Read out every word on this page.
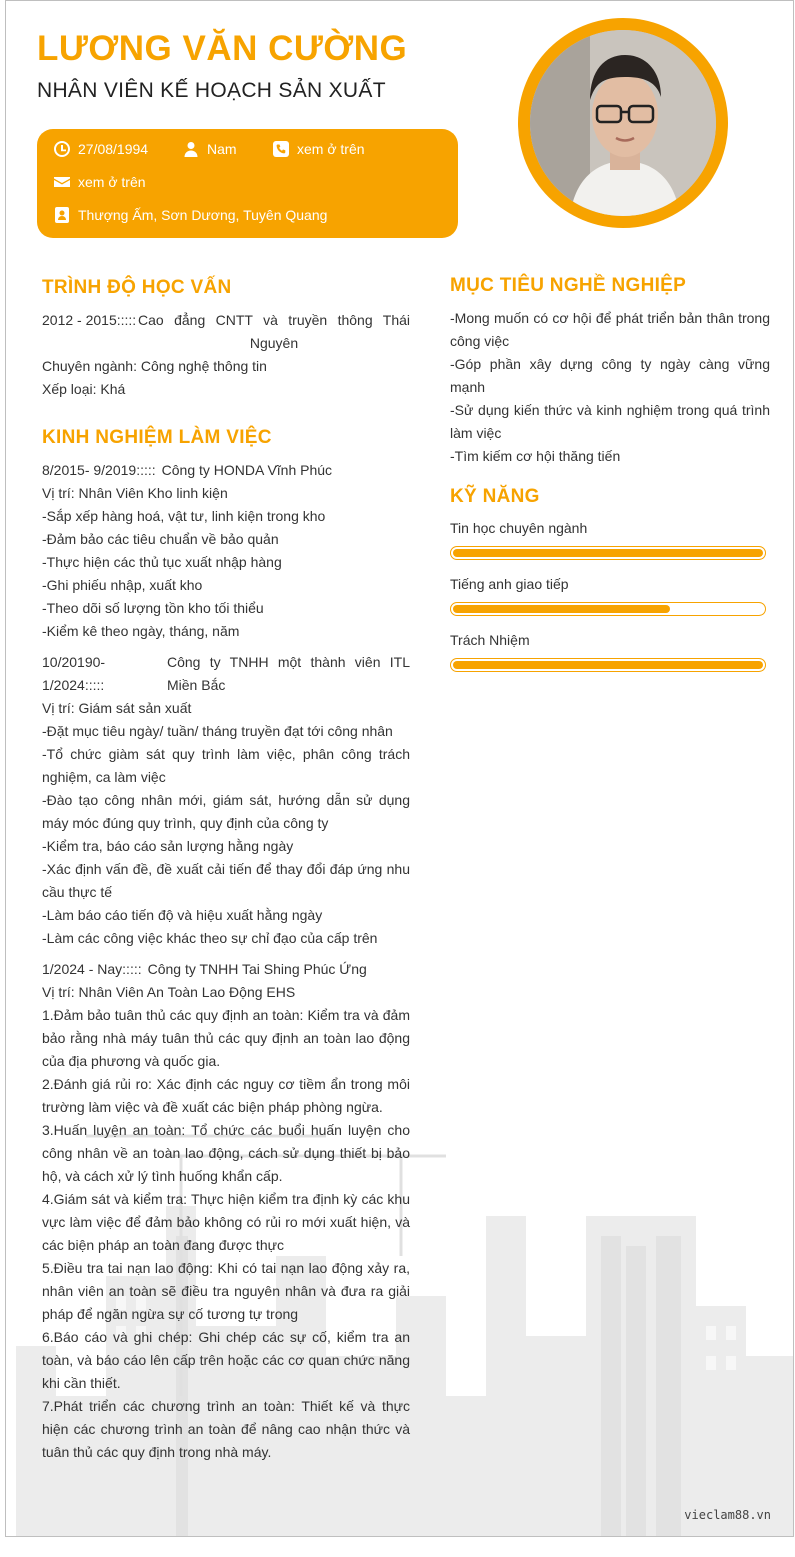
LƯƠNG VĂN CƯỜNG
NHÂN VIÊN KẾ HOẠCH SẢN XUẤT
27/08/1994	Nam	xem ở trên
xem ở trên
Thượng Ấm, Sơn Dương, Tuyên Quang
TRÌNH ĐỘ HỌC VẤN
2012 - 2015::::: Cao đẳng CNTT và truyền thông Thái Nguyên
Chuyên ngành: Công nghệ thông tin
Xếp loại: Khá
KINH NGHIỆM LÀM VIỆC
8/2015- 9/2019::::: Công ty HONDA Vĩnh Phúc
Vị trí: Nhân Viên Kho linh kiện
-Sắp xếp hàng hoá, vật tư, linh kiện trong kho
-Đảm bảo các tiêu chuẩn về bảo quản
-Thực hiện các thủ tục xuất nhập hàng
-Ghi phiếu nhập, xuất kho
-Theo dõi số lượng tồn kho tối thiểu
-Kiểm kê theo ngày, tháng, năm
10/20190-1/2024:::::
Công ty TNHH một thành viên ITL Miền Bắc
Vị trí: Giám sát sản xuất
-Đặt mục tiêu ngày/ tuần/ tháng truyền đạt tới công nhân
-Tổ chức giàm sát quy trình làm việc, phân công trách nghiệm, ca làm việc
-Đào tạo công nhân mới, giám sát, hướng dẫn sử dụng máy móc đúng quy trình, quy định của công ty
-Kiểm tra, báo cáo sản lượng hằng ngày
-Xác định vấn đề, đề xuất cải tiến để thay đổi đáp ứng nhu cầu thực tế
-Làm báo cáo tiến độ và hiệu xuất hằng ngày
-Làm các công việc khác theo sự chỉ đạo của cấp trên
1/2024 - Nay::::: Công ty TNHH Tai Shing Phúc Ứng
Vị trí: Nhân Viên An Toàn Lao Động EHS
1.Đảm bảo tuân thủ các quy định an toàn: Kiểm tra và đảm bảo rằng nhà máy tuân thủ các quy định an toàn lao động của địa phương và quốc gia.
2.Đánh giá rủi ro: Xác định các nguy cơ tiềm ẩn trong môi trường làm việc và đề xuất các biện pháp phòng ngừa.
3.Huấn luyện an toàn: Tổ chức các buổi huấn luyện cho công nhân về an toàn lao động, cách sử dụng thiết bị bảo hộ, và cách xử lý tình huống khẩn cấp.
4.Giám sát và kiểm tra: Thực hiện kiểm tra định kỳ các khu vực làm việc để đảm bảo không có rủi ro mới xuất hiện, và các biện pháp an toàn đang được thực
5.Điều tra tai nạn lao động: Khi có tai nạn lao động xảy ra, nhân viên an toàn sẽ điều tra nguyên nhân và đưa ra giải pháp để ngăn ngừa sự cố tương tự trong
6.Báo cáo và ghi chép: Ghi chép các sự cố, kiểm tra an toàn, và báo cáo lên cấp trên hoặc các cơ quan chức năng khi cần thiết.
7.Phát triển các chương trình an toàn: Thiết kế và thực hiện các chương trình an toàn để nâng cao nhận thức và tuân thủ các quy định trong nhà máy.
MỤC TIÊU NGHỀ NGHIỆP
-Mong muốn có cơ hội để phát triển bản thân trong công việc
-Góp phần xây dựng công ty ngày càng vững mạnh
-Sử dụng kiến thức và kinh nghiệm trong quá trình làm việc
-Tìm kiếm cơ hội thăng tiến
KỸ NĂNG
Tin học chuyên ngành
Tiếng anh giao tiếp
Trách Nhiệm
vieclam88.vn
